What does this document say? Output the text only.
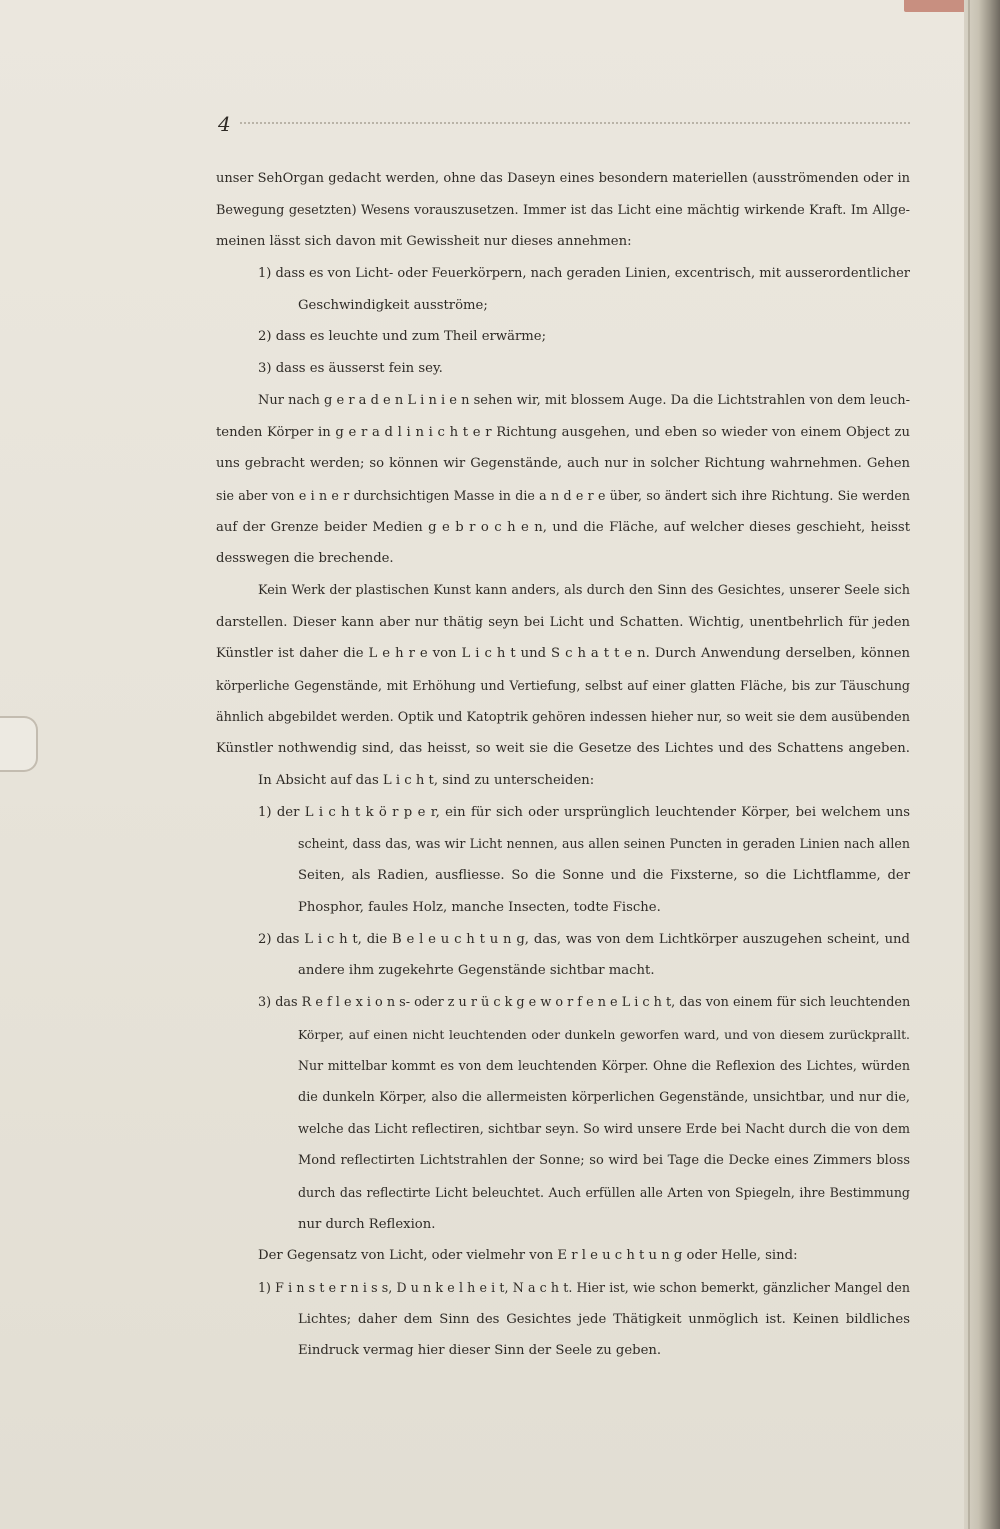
4
unser SehOrgan gedacht werden, ohne das Daseyn eines besondern materiellen (ausströmenden oder in
Bewegung gesetzten) Wesens vorauszusetzen. Immer ist das Licht eine mächtig wirkende Kraft. Im Allge-
meinen lässt sich davon mit Gewissheit nur dieses annehmen:
1) dass es von Licht- oder Feuerkörpern, nach geraden Linien, excentrisch, mit ausserordentlicher
Geschwindigkeit ausströme;
2) dass es leuchte und zum Theil erwärme;
3) dass es äusserst fein sey.
Nur nach g e r a d e n L i n i e n sehen wir, mit blossem Auge. Da die Lichtstrahlen von dem leuch-
tenden Körper in g e r a d l i n i c h t e r Richtung ausgehen, und eben so wieder von einem Object zu
uns gebracht werden; so können wir Gegenstände, auch nur in solcher Richtung wahrnehmen. Gehen
sie aber von e i n e r durchsichtigen Masse in die a n d e r e über, so ändert sich ihre Richtung. Sie werden
auf der Grenze beider Medien g e b r o c h e n, und die Fläche, auf welcher dieses geschieht, heisst
desswegen die brechende.
Kein Werk der plastischen Kunst kann anders, als durch den Sinn des Gesichtes, unserer Seele sich
darstellen. Dieser kann aber nur thätig seyn bei Licht und Schatten. Wichtig, unentbehrlich für jeden
Künstler ist daher die L e h r e von L i c h t und S c h a t t e n. Durch Anwendung derselben, können
körperliche Gegenstände, mit Erhöhung und Vertiefung, selbst auf einer glatten Fläche, bis zur Täuschung
ähnlich abgebildet werden. Optik und Katoptrik gehören indessen hieher nur, so weit sie dem ausübenden
Künstler nothwendig sind, das heisst, so weit sie die Gesetze des Lichtes und des Schattens angeben.
In Absicht auf das L i c h t, sind zu unterscheiden:
1) der L i c h t k ö r p e r, ein für sich oder ursprünglich leuchtender Körper, bei welchem uns
scheint, dass das, was wir Licht nennen, aus allen seinen Puncten in geraden Linien nach allen
Seiten, als Radien, ausfliesse. So die Sonne und die Fixsterne, so die Lichtflamme, der
Phosphor, faules Holz, manche Insecten, todte Fische.
2) das L i c h t, die B e l e u c h t u n g, das, was von dem Lichtkörper auszugehen scheint, und
andere ihm zugekehrte Gegenstände sichtbar macht.
3) das R e f l e x i o n s- oder z u r ü c k g e w o r f e n e L i c h t, das von einem für sich leuchtenden
Körper, auf einen nicht leuchtenden oder dunkeln geworfen ward, und von diesem zurückprallt.
Nur mittelbar kommt es von dem leuchtenden Körper. Ohne die Reflexion des Lichtes, würden
die dunkeln Körper, also die allermeisten körperlichen Gegenstände, unsichtbar, und nur die,
welche das Licht reflectiren, sichtbar seyn. So wird unsere Erde bei Nacht durch die von dem
Mond reflectirten Lichtstrahlen der Sonne; so wird bei Tage die Decke eines Zimmers bloss
durch das reflectirte Licht beleuchtet. Auch erfüllen alle Arten von Spiegeln, ihre Bestimmung
nur durch Reflexion.
Der Gegensatz von Licht, oder vielmehr von E r l e u c h t u n g oder Helle, sind:
1) F i n s t e r n i s s, D u n k e l h e i t, N a c h t. Hier ist, wie schon bemerkt, gänzlicher Mangel den
Lichtes; daher dem Sinn des Gesichtes jede Thätigkeit unmöglich ist. Keinen bildliches
Eindruck vermag hier dieser Sinn der Seele zu geben.
